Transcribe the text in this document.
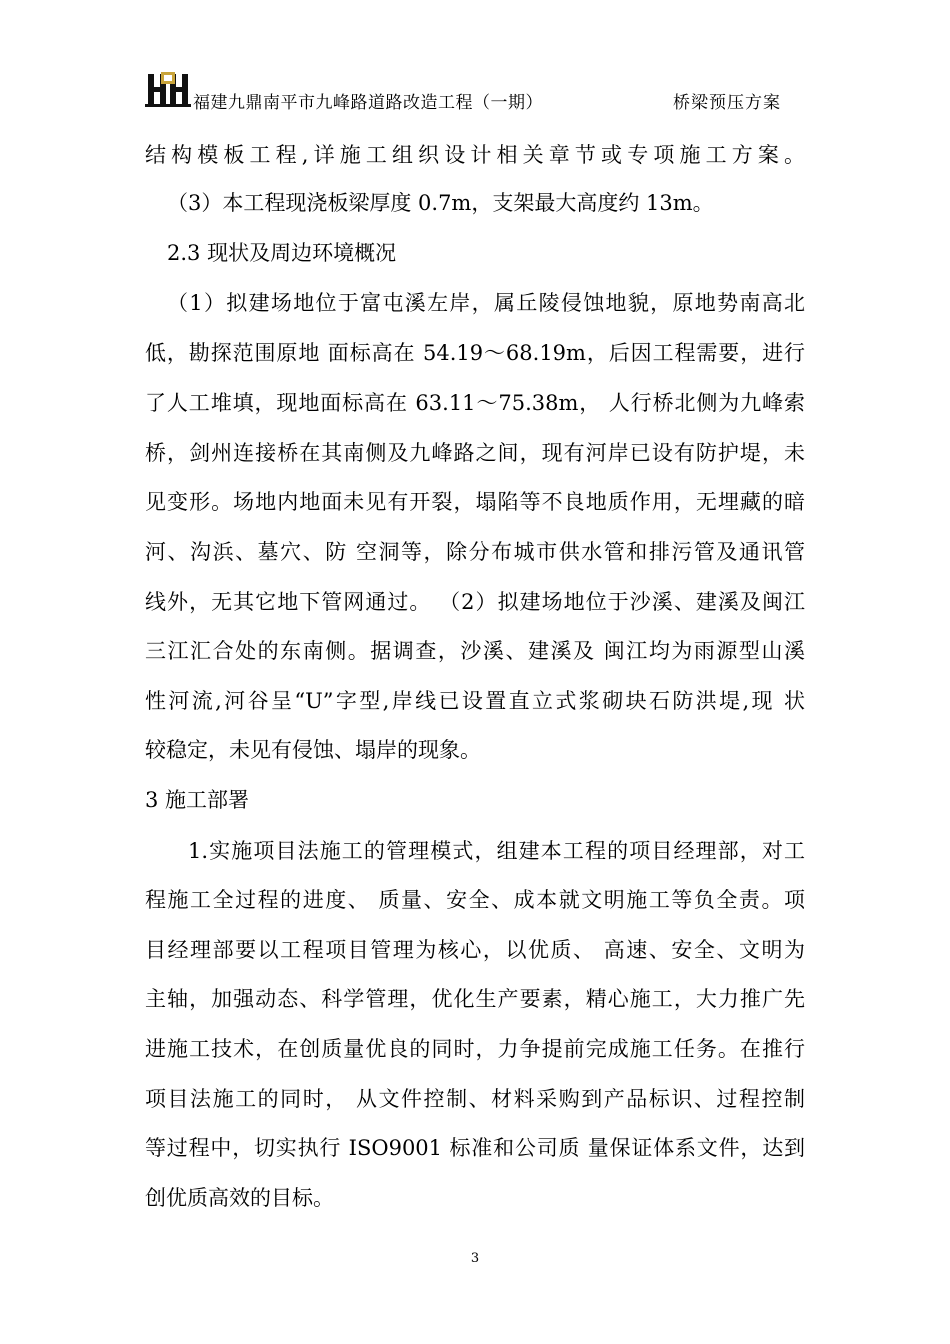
福建九鼎南平市九峰路道路改造工程（一期）	桥梁预压方案
结构模板工程,详施工组织设计相关章节或专项施工方案。
（3）本工程现浇板梁厚度 0.7m，支架最大高度约 13m。
2.3 现状及周边环境概况
（1）拟建场地位于富屯溪左岸，属丘陵侵蚀地貌，原地势南高北
低，勘探范围原地 面标高在 54.19～68.19m，后因工程需要，进行
了人工堆填，现地面标高在 63.11～75.38m， 人行桥北侧为九峰索
桥，剑州连接桥在其南侧及九峰路之间，现有河岸已设有防护堤，未
见变形。场地内地面未见有开裂，塌陷等不良地质作用，无埋藏的暗
河、沟浜、墓穴、防 空洞等，除分布城市供水管和排污管及通讯管
线外，无其它地下管网通过。 （2）拟建场地位于沙溪、建溪及闽江
三江汇合处的东南侧。据调查，沙溪、建溪及 闽江均为雨源型山溪
性河流,河谷呈“U”字型,岸线已设置直立式浆砌块石防洪堤,现 状
较稳定，未见有侵蚀、塌岸的现象。
3 施工部署
1.实施项目法施工的管理模式，组建本工程的项目经理部，对工
程施工全过程的进度、 质量、安全、成本就文明施工等负全责。项
目经理部要以工程项目管理为核心，以优质、 高速、安全、文明为
主轴，加强动态、科学管理，优化生产要素，精心施工，大力推广先
进施工技术，在创质量优良的同时，力争提前完成施工任务。在推行
项目法施工的同时， 从文件控制、材料采购到产品标识、过程控制
等过程中，切实执行 ISO9001 标准和公司质 量保证体系文件，达到
创优质高效的目标。
3
